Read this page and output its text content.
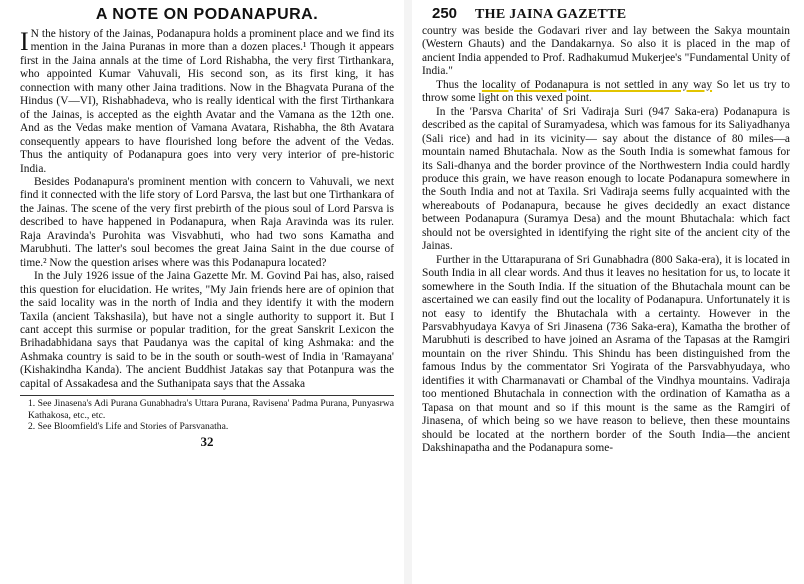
A NOTE ON PODANAPURA.

I N the history of the Jainas, Podanapura holds a prominent place and we find its mention in the Jaina Puranas in more than a dozen places.¹ Though it appears first in the Jaina annals at the time of Lord Rishabha, the very first Tirthankara, who appointed Kumar Vahuvali, His second son, as its first king, it has connection with many other Jaina traditions. Now in the Bhagvata Purana of the Hindus (V—VI), Rishabhadeva, who is really identical with the first Tirthankara of the Jainas, is accepted as the eighth Avatar and the Vamana as the 12th one. And as the Vedas make mention of Vamana Avatara, Rishabha, the 8th Avatara consequently appears to have flourished long before the advent of the Vedas. Thus the antiquity of Podanapura goes into very very interior of pre-historic India.

Besides Podanapura's prominent mention with concern to Vahuvali, we next find it connected with the life story of Lord Parsva, the last but one Tirthankara of the Jainas. The scene of the very first prebirth of the pious soul of Lord Parsva is described to have happened in Podanapura, when Raja Aravinda was its ruler. Raja Aravinda's Purohita was Visvabhuti, who had two sons Kamatha and Marubhuti. The latter's soul becomes the great Jaina Saint in the due course of time.² Now the question arises where was this Podanapura located?

In the July 1926 issue of the Jaina Gazette Mr. M. Govind Pai has, also, raised this question for elucidation. He writes, "My Jain friends here are of opinion that the said locality was in the north of India and they identify it with the modern Taxila (ancient Takshasila), but have not a single authority to support it. But I cant accept this surmise or popular tradition, for the great Sanskrit Lexicon the Brihadabhidana says that Paudanya was the capital of king Ashmaka: and the Ashmaka country is said to be in the south or south-west of India in 'Ramayana' (Kishakindha Kanda). The ancient Buddhist Jatakas say that Potanpura was the capital of Assakadesa and the Suthanipata says that the Assaka

1. See Jinasena's Adi Purana Gunabhadra's Uttara Purana, Ravisena' Padma Purana, Punyasrwa Kathakosa, etc., etc.

2. See Bloomfield's Life and Stories of Parsvanatha.

32
250 THE JAINA GAZETTE

country was beside the Godavari river and lay between the Sakya mountain (Western Ghauts) and the Dandakarnya. So also it is placed in the map of ancient India appended to Prof. Radhakumud Mukerjee's "Fundamental Unity of India."

Thus the locality of Podanapura is not settled in any way So let us try to throw some light on this vexed point.

In the 'Parsva Charita' of Sri Vadiraja Suri (947 Saka-era) Podanapura is described as the capital of Suramyadesa, which was famous for its Saliyadhanya (Sali rice) and had in its vicinity— say about the distance of 80 miles—a mountain named Bhutachala. Now as the South India is somewhat famous for its Sali-dhanya and the border province of the Northwestern India could hardly produce this grain, we have reason enough to locate Podanapura somewhere in the South India and not at Taxila. Sri Vadiraja seems fully acquainted with the whereabouts of Podanapura, because he gives decidedly an exact distance between Podanapura (Suramya Desa) and the mount Bhutachala: which fact should not be oversighted in identifying the right site of the ancient city of the Jainas.

Further in the Uttarapurana of Sri Gunabhadra (800 Saka-era), it is located in South India in all clear words. And thus it leaves no hesitation for us, to locate it somewhere in the South India. If the situation of the Bhutachala mount can be ascertained we can easily find out the locality of Podanapura. Unfortunately it is not easy to identify the Bhutachala with a certainty. However in the Parsvabhyudaya Kavya of Sri Jinasena (736 Saka-era), Kamatha the brother of Marubhuti is described to have joined an Asrama of the Tapasas at the Ramgiri mountain on the river Shindu. This Shindu has been distinguished from the famous Indus by the commentator Sri Yogirata of the Parsvabhyudaya, who identifies it with Charmanavati or Chambal of the Vindhya mountains. Vadiraja too mentioned Bhutachala in connection with the ordination of Kamatha as a Tapasa on that mount and so if this mount is the same as the Ramgiri of Jinasena, of which being so we have reason to believe, then these mountains should be located at the northern border of the South India—the ancient Dakshinapatha and the Podanapura some-
